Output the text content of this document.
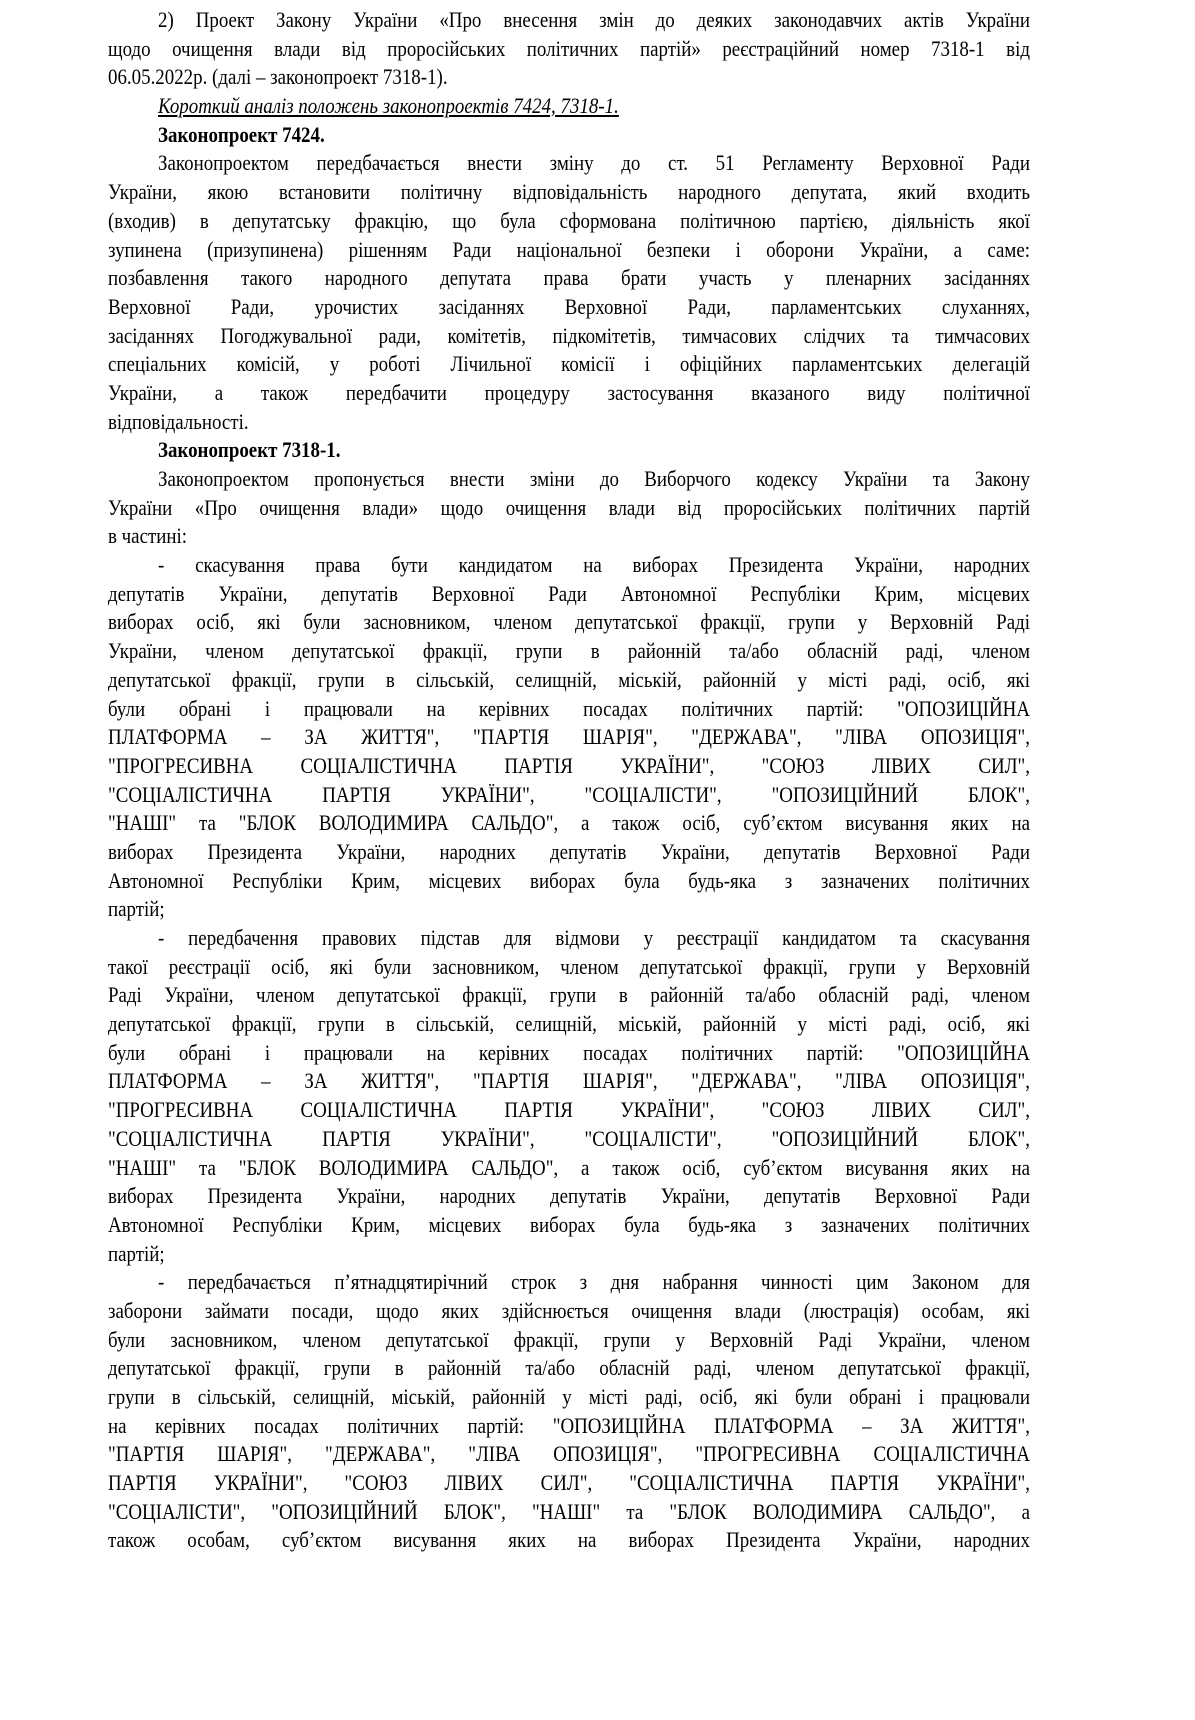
2) Проект Закону України «Про внесення змін до деяких законодавчих актів України
щодо очищення влади від проросійських політичних партій» реєстраційний номер 7318-1 від
06.05.2022р. (далі – законопроект 7318-1).
Короткий аналіз положень законопроектів 7424, 7318-1.
Законопроект 7424.
Законопроектом передбачається внести зміну до ст. 51 Регламенту Верховної Ради
України, якою встановити політичну відповідальність народного депутата, який входить
(входив) в депутатську фракцію, що була сформована політичною партією, діяльність якої
зупинена (призупинена) рішенням Ради національної безпеки і оборони України, а саме:
позбавлення такого народного депутата права брати участь у пленарних засіданнях
Верховної Ради, урочистих засіданнях Верховної Ради, парламентських слуханнях,
засіданнях Погоджувальної ради, комітетів, підкомітетів, тимчасових слідчих та тимчасових
спеціальних комісій, у роботі Лічильної комісії і офіційних парламентських делегацій
України, а також передбачити процедуру застосування вказаного виду політичної
відповідальності.
Законопроект 7318-1.
Законопроектом пропонується внести зміни до Виборчого кодексу України та Закону
України «Про очищення влади» щодо очищення влади від проросійських політичних партій
в частині:
- скасування права бути кандидатом на виборах Президента України, народних
депутатів України, депутатів Верховної Ради Автономної Республіки Крим, місцевих
виборах осіб, які були засновником, членом депутатської фракції, групи у Верховній Раді
України, членом депутатської фракції, групи в районній та/або обласній раді, членом
депутатської фракції, групи в сільській, селищній, міській, районній у місті раді, осіб, які
були обрані і працювали на керівних посадах політичних партій: "ОПОЗИЦІЙНА
ПЛАТФОРМА – ЗА ЖИТТЯ", "ПАРТІЯ ШАРІЯ", "ДЕРЖАВА", "ЛІВА ОПОЗИЦІЯ",
"ПРОГРЕСИВНА СОЦІАЛІСТИЧНА ПАРТІЯ УКРАЇНИ", "СОЮЗ ЛІВИХ СИЛ",
"СОЦІАЛІСТИЧНА ПАРТІЯ УКРАЇНИ", "СОЦІАЛІСТИ", "ОПОЗИЦІЙНИЙ БЛОК",
"НАШІ" та "БЛОК ВОЛОДИМИРА САЛЬДО", а також осіб, суб’єктом висування яких на
виборах Президента України, народних депутатів України, депутатів Верховної Ради
Автономної Республіки Крим, місцевих виборах була будь-яка з зазначених політичних
партій;
- передбачення правових підстав для відмови у реєстрації кандидатом та скасування
такої реєстрації осіб, які були засновником, членом депутатської фракції, групи у Верховній
Раді України, членом депутатської фракції, групи в районній та/або обласній раді, членом
депутатської фракції, групи в сільській, селищній, міській, районній у місті раді, осіб, які
були обрані і працювали на керівних посадах політичних партій: "ОПОЗИЦІЙНА
ПЛАТФОРМА – ЗА ЖИТТЯ", "ПАРТІЯ ШАРІЯ", "ДЕРЖАВА", "ЛІВА ОПОЗИЦІЯ",
"ПРОГРЕСИВНА СОЦІАЛІСТИЧНА ПАРТІЯ УКРАЇНИ", "СОЮЗ ЛІВИХ СИЛ",
"СОЦІАЛІСТИЧНА ПАРТІЯ УКРАЇНИ", "СОЦІАЛІСТИ", "ОПОЗИЦІЙНИЙ БЛОК",
"НАШІ" та "БЛОК ВОЛОДИМИРА САЛЬДО", а також осіб, суб’єктом висування яких на
виборах Президента України, народних депутатів України, депутатів Верховної Ради
Автономної Республіки Крим, місцевих виборах була будь-яка з зазначених політичних
партій;
- передбачається п’ятнадцятирічний строк з дня набрання чинності цим Законом для
заборони займати посади, щодо яких здійснюється очищення влади (люстрація) особам, які
були засновником, членом депутатської фракції, групи у Верховній Раді України, членом
депутатської фракції, групи в районній та/або обласній раді, членом депутатської фракції,
групи в сільській, селищній, міській, районній у місті раді, осіб, які були обрані і працювали
на керівних посадах політичних партій: "ОПОЗИЦІЙНА ПЛАТФОРМА – ЗА ЖИТТЯ",
"ПАРТІЯ ШАРІЯ", "ДЕРЖАВА", "ЛІВА ОПОЗИЦІЯ", "ПРОГРЕСИВНА СОЦІАЛІСТИЧНА
ПАРТІЯ УКРАЇНИ", "СОЮЗ ЛІВИХ СИЛ", "СОЦІАЛІСТИЧНА ПАРТІЯ УКРАЇНИ",
"СОЦІАЛІСТИ", "ОПОЗИЦІЙНИЙ БЛОК", "НАШІ" та "БЛОК ВОЛОДИМИРА САЛЬДО", а
також особам, суб’єктом висування яких на виборах Президента України, народних
